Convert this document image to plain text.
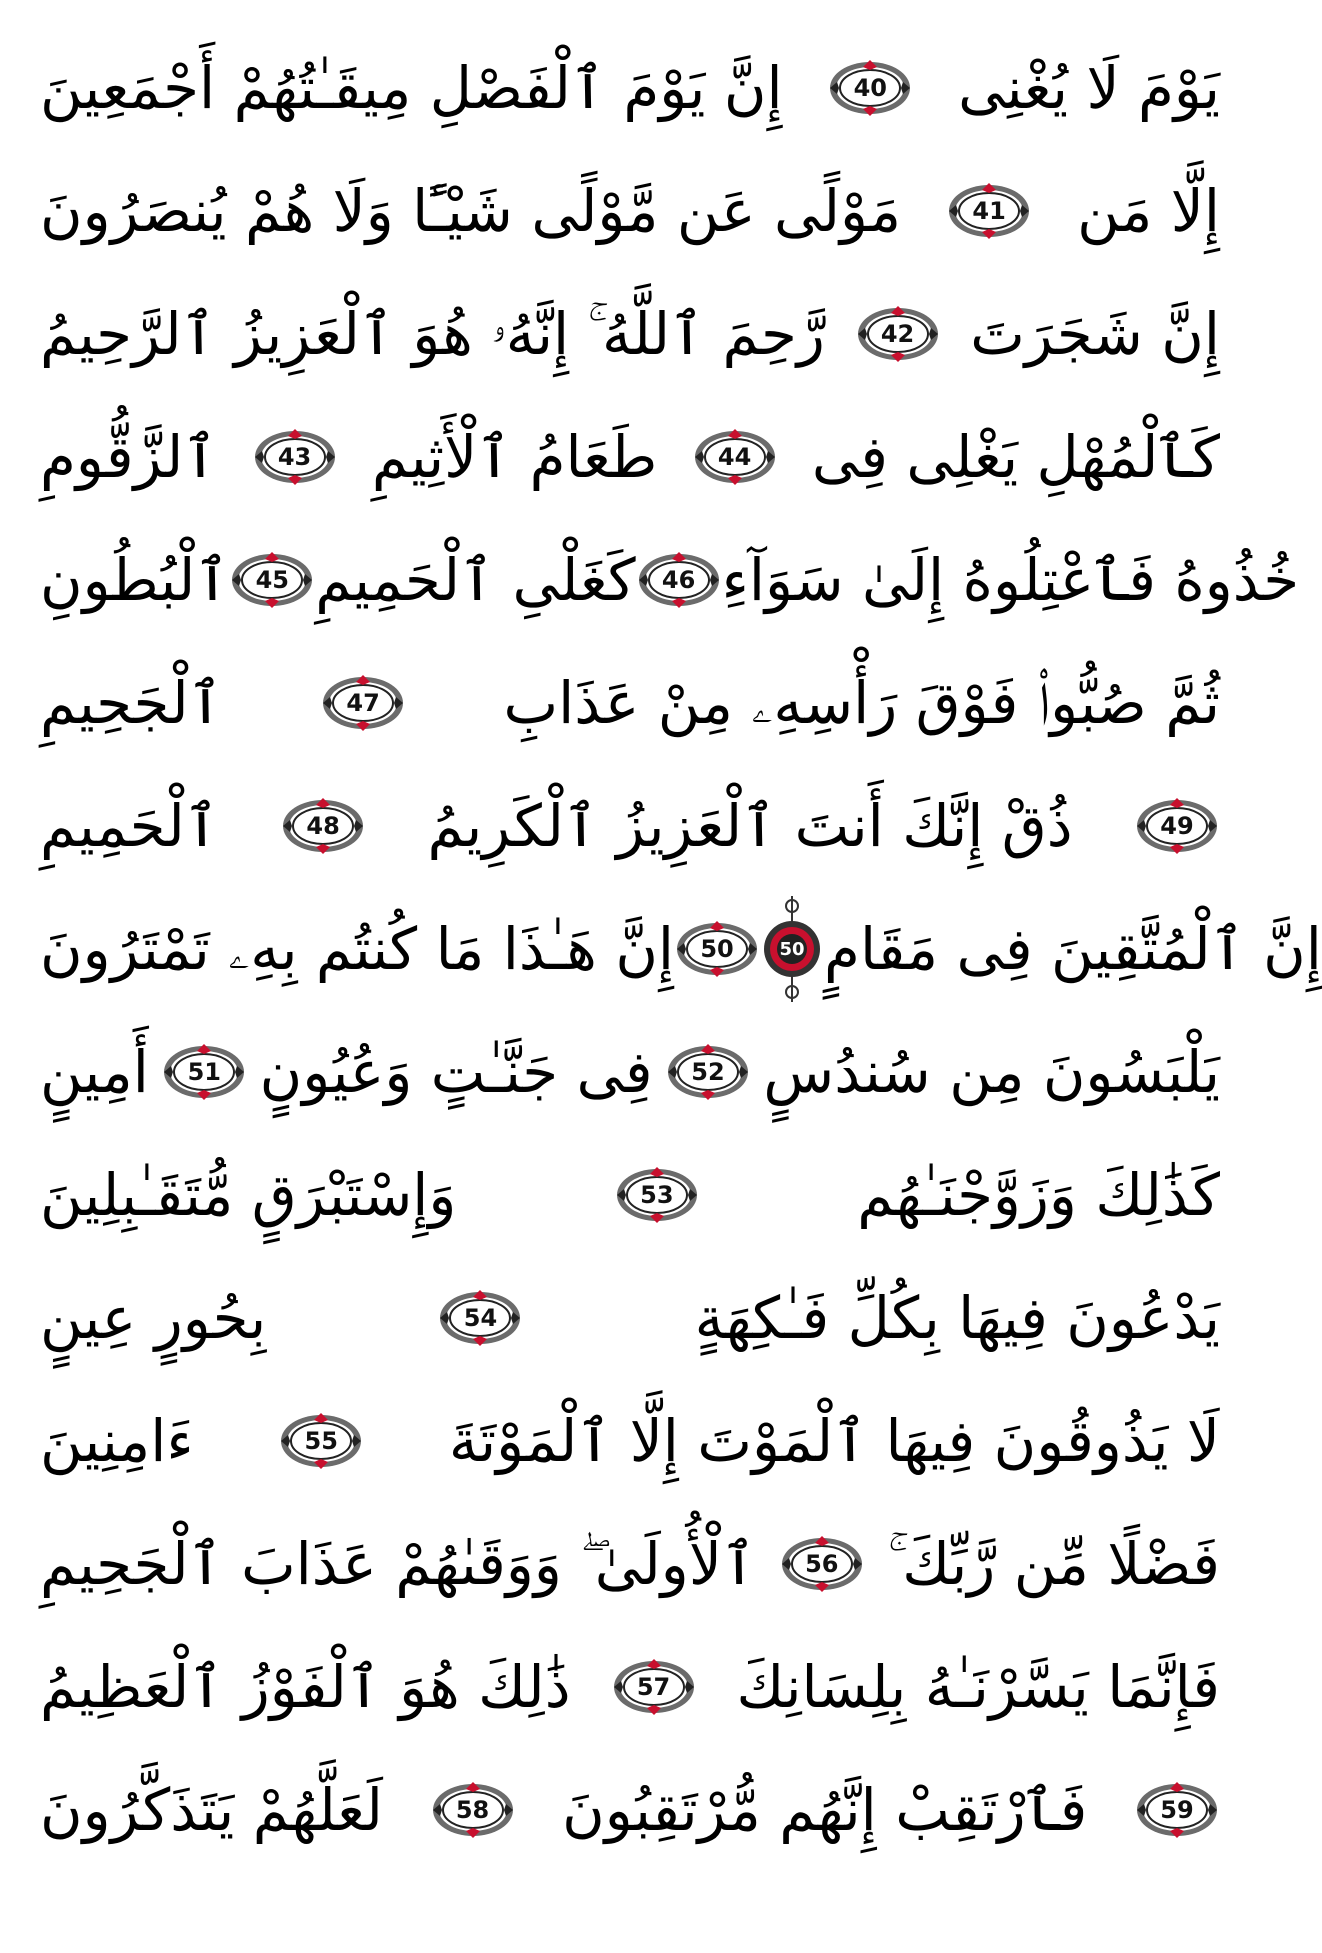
إِنَّ يَوْمَ ٱلْفَصْلِ مِيقَـٰتُهُمْ أَجْمَعِينَ	40 يَوْمَ لَا يُغْنِى
مَوْلًى عَن مَّوْلًى شَيْـًٔا وَلَا هُمْ يُنصَرُونَ	41 إِلَّا مَن
رَّحِمَ ٱللَّهُ ۚ إِنَّهُۥ هُوَ ٱلْعَزِيزُ ٱلرَّحِيمُ 42 إِنَّ شَجَرَتَ
ٱلزَّقُّومِ	43 طَعَامُ ٱلْأَثِيمِ	44 كَٱلْمُهْلِ يَغْلِى فِى
ٱلْبُطُونِ 45 كَغَلْىِ ٱلْحَمِيمِ 46 خُذُوهُ فَٱعْتِلُوهُ إِلَىٰ سَوَآءِ
ٱلْجَحِيمِ	47 ثُمَّ صُبُّوا۟ فَوْقَ رَأْسِهِۦ مِنْ عَذَابِ
ٱلْحَمِيمِ	48 ذُقْ إِنَّكَ أَنتَ ٱلْعَزِيزُ ٱلْكَرِيمُ	49
إِنَّ هَـٰذَا مَا كُنتُم بِهِۦ تَمْتَرُونَ 50	50 إِنَّ ٱلْمُتَّقِينَ فِى مَقَامٍ
أَمِينٍ 51 فِى جَنَّـٰتٍ وَعُيُونٍ 52 يَلْبَسُونَ مِن سُندُسٍ
وَإِسْتَبْرَقٍ مُّتَقَـٰبِلِينَ	53	كَذَٰلِكَ وَزَوَّجْنَـٰهُم
بِحُورٍ عِينٍ	54	يَدْعُونَ فِيهَا بِكُلِّ فَـٰكِهَةٍ
ءَامِنِينَ	55 لَا يَذُوقُونَ فِيهَا ٱلْمَوْتَ إِلَّا ٱلْمَوْتَةَ
ٱلْأُولَىٰ ۖ وَوَقَىٰهُمْ عَذَابَ ٱلْجَحِيمِ 56 فَضْلًا مِّن رَّبِّكَ ۚ
ذَٰلِكَ هُوَ ٱلْفَوْزُ ٱلْعَظِيمُ	57 فَإِنَّمَا يَسَّرْنَـٰهُ بِلِسَانِكَ
لَعَلَّهُمْ يَتَذَكَّرُونَ	58 فَٱرْتَقِبْ إِنَّهُم مُّرْتَقِبُونَ	59
